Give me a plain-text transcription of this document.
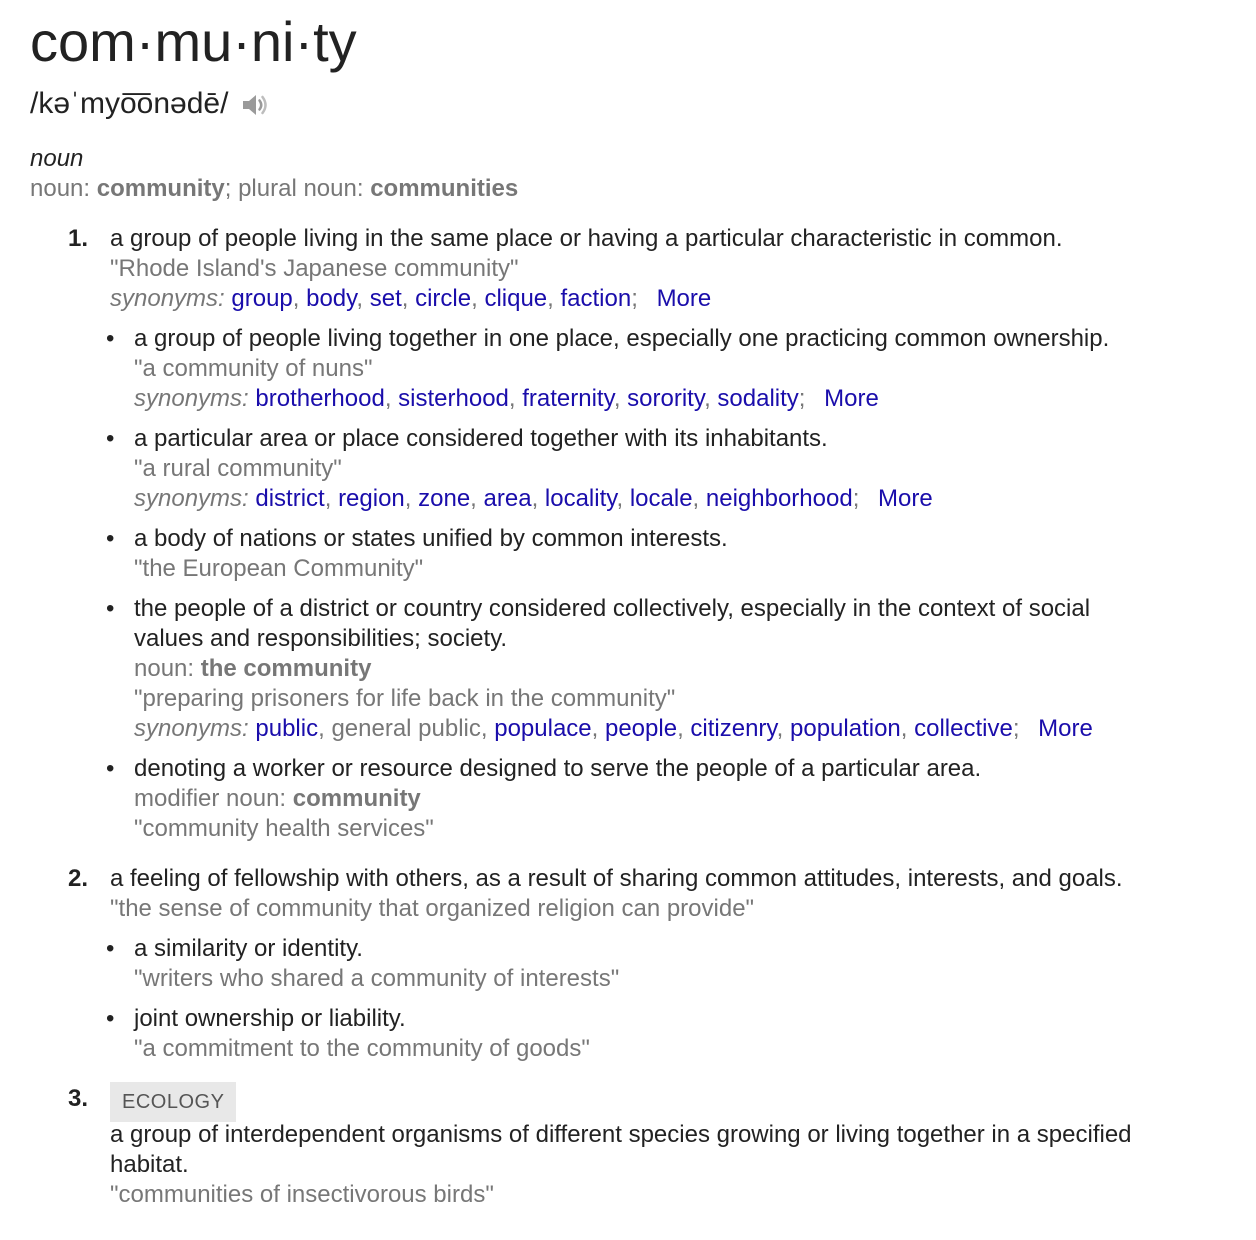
com·mu·ni·ty
/kəˈmyo͞onədē/
noun
noun: community; plural noun: communities
1. a group of people living in the same place or having a particular characteristic in common.
"Rhode Island's Japanese community"
synonyms: group, body, set, circle, clique, faction; More
• a group of people living together in one place, especially one practicing common ownership.
"a community of nuns"
synonyms: brotherhood, sisterhood, fraternity, sorority, sodality; More
• a particular area or place considered together with its inhabitants.
"a rural community"
synonyms: district, region, zone, area, locality, locale, neighborhood; More
• a body of nations or states unified by common interests.
"the European Community"
• the people of a district or country considered collectively, especially in the context of social
values and responsibilities; society.
noun: the community
"preparing prisoners for life back in the community"
synonyms: public, general public, populace, people, citizenry, population, collective; More
• denoting a worker or resource designed to serve the people of a particular area.
modifier noun: community
"community health services"
2. a feeling of fellowship with others, as a result of sharing common attitudes, interests, and goals.
"the sense of community that organized religion can provide"
• a similarity or identity.
"writers who shared a community of interests"
• joint ownership or liability.
"a commitment to the community of goods"
3.	ECOLOGY
a group of interdependent organisms of different species growing or living together in a specified
habitat.
"communities of insectivorous birds"
